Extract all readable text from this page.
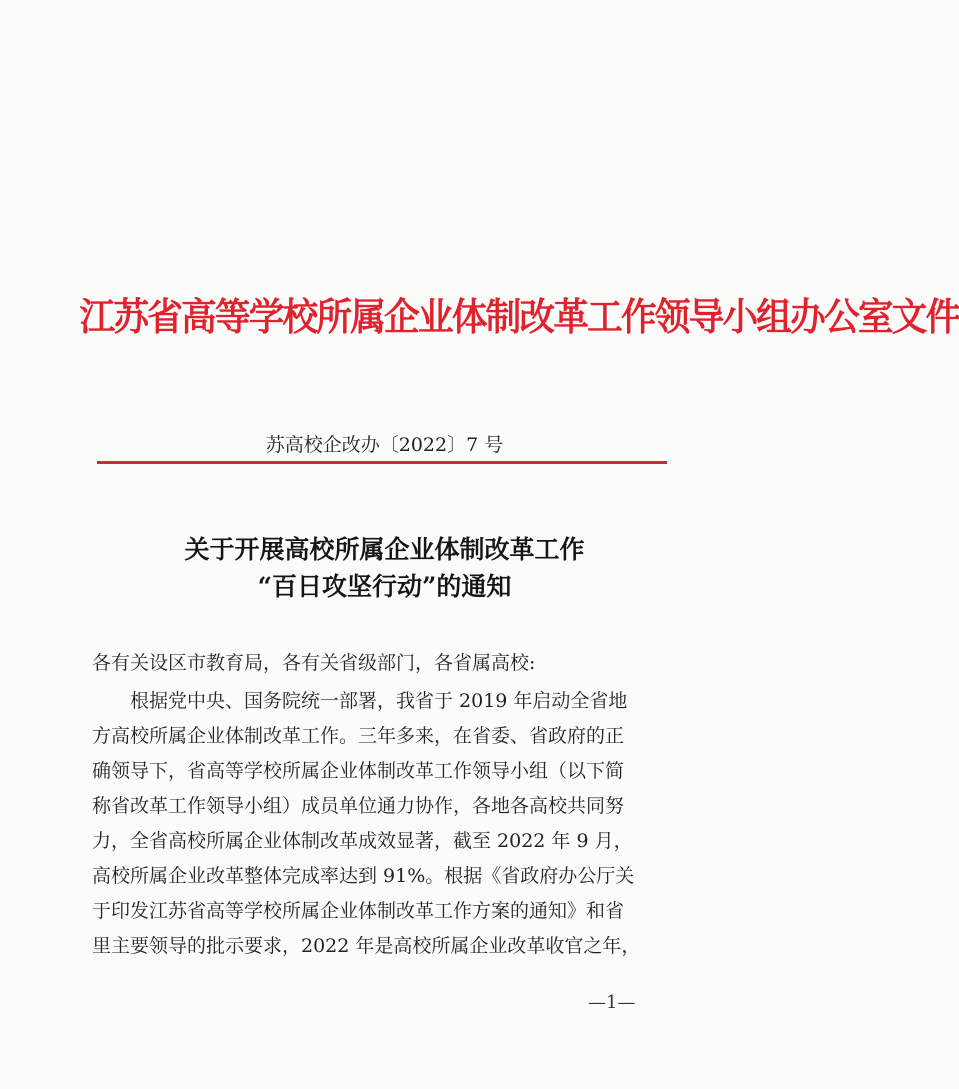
江苏省高等学校所属企业体制改革工作领导小组办公室文件
苏高校企改办〔2022〕7 号
关于开展高校所属企业体制改革工作
“百日攻坚行动”的通知
各有关设区市教育局，各有关省级部门，各省属高校:
根据党中央、国务院统一部署，我省于 2019 年启动全省地
方高校所属企业体制改革工作。三年多来，在省委、省政府的正
确领导下，省高等学校所属企业体制改革工作领导小组（以下简
称省改革工作领导小组）成员单位通力协作，各地各高校共同努
力，全省高校所属企业体制改革成效显著，截至 2022 年 9 月，
高校所属企业改革整体完成率达到 91%。根据《省政府办公厅关
于印发江苏省高等学校所属企业体制改革工作方案的通知》和省
里主要领导的批示要求，2022 年是高校所属企业改革收官之年，
—1—
